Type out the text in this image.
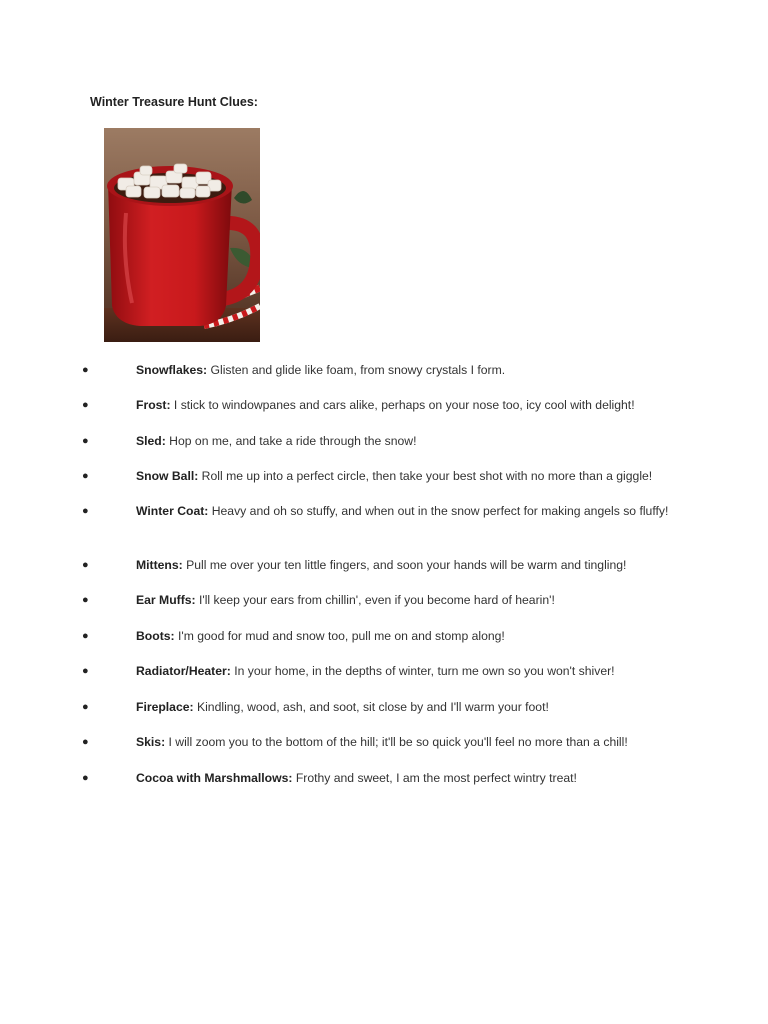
Winter Treasure Hunt Clues:
●	Snowflakes: Glisten and glide like foam, from snowy crystals I form.
●	Frost: I stick to windowpanes and cars alike, perhaps on your nose too, icy cool with delight!
●	Sled: Hop on me, and take a ride through the snow!
●	Snow Ball: Roll me up into a perfect circle, then take your best shot with no more than a giggle!
●	Winter Coat: Heavy and oh so stuffy, and when out in the snow perfect for making angels so fluffy!
●	Mittens: Pull me over your ten little fingers, and soon your hands will be warm and tingling!
●	Ear Muffs: I'll keep your ears from chillin', even if you become hard of hearin'!
●	Boots: I'm good for mud and snow too, pull me on and stomp along!
●	Radiator/Heater: In your home, in the depths of winter, turn me own so you won't shiver!
●	Fireplace: Kindling, wood, ash, and soot, sit close by and I'll warm your foot!
●	Skis: I will zoom you to the bottom of the hill; it'll be so quick you'll feel no more than a chill!
●	Cocoa with Marshmallows: Frothy and sweet, I am the most perfect wintry treat!
